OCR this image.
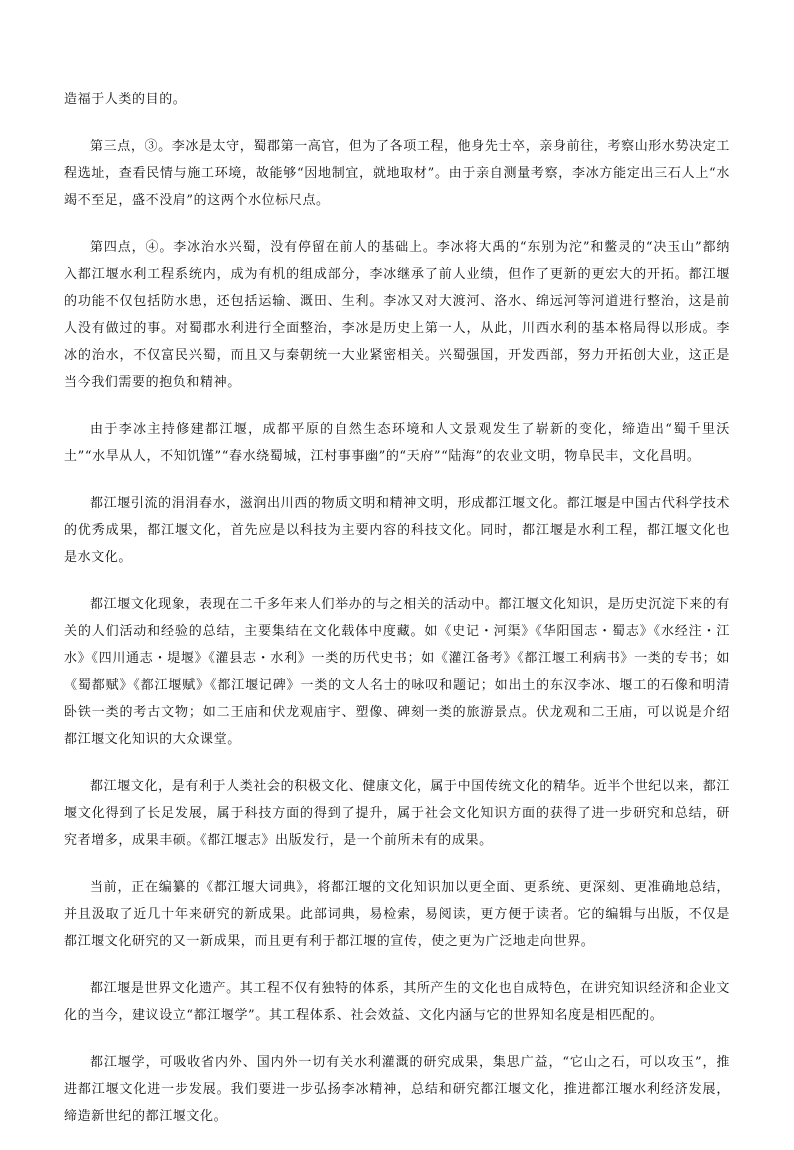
造福于人类的目的。

第三点，③。李冰是太守，蜀郡第一高官，但为了各项工程，他身先士卒，亲身前往，考察山形水势决定工程选址，查看民情与施工环境，故能够“因地制宜，就地取材”。由于亲自测量考察，李冰方能定出三石人上“水竭不至足，盛不没肩”的这两个水位标尺点。

第四点，④。李冰治水兴蜀，没有停留在前人的基础上。李冰将大禹的“东别为沱”和鳖灵的“决玉山”都纳入都江堰水利工程系统内，成为有机的组成部分，李冰继承了前人业绩，但作了更新的更宏大的开拓。都江堰的功能不仅包括防水患，还包括运输、溉田、生利。李冰又对大渡河、洛水、绵远河等河道进行整治，这是前人没有做过的事。对蜀郡水利进行全面整治，李冰是历史上第一人，从此，川西水利的基本格局得以形成。李冰的治水，不仅富民兴蜀，而且又与秦朝统一大业紧密相关。兴蜀强国，开发西部，努力开拓创大业，这正是当今我们需要的抱负和精神。

由于李冰主持修建都江堰，成都平原的自然生态环境和人文景观发生了崭新的变化，缔造出“蜀千里沃土”“水旱从人，不知饥馑”“春水绕蜀城，江村事事幽”的“天府”“陆海”的农业文明，物阜民丰，文化昌明。

都江堰引流的涓涓春水，滋润出川西的物质文明和精神文明，形成都江堰文化。都江堰是中国古代科学技术的优秀成果，都江堰文化，首先应是以科技为主要内容的科技文化。同时，都江堰是水利工程，都江堰文化也是水文化。

都江堰文化现象，表现在二千多年来人们举办的与之相关的活动中。都江堰文化知识，是历史沉淀下来的有关的人们活动和经验的总结，主要集结在文化载体中度藏。如《史记・河渠》《华阳国志・蜀志》《水经注・江水》《四川通志・堤堰》《灌县志・水利》一类的历代史书；如《灌江备考》《都江堰工利病书》一类的专书；如《蜀都赋》《都江堰赋》《都江堰记碑》一类的文人名士的咏叹和题记；如出土的东汉李冰、堰工的石像和明清卧铁一类的考古文物；如二王庙和伏龙观庙宇、塑像、碑刻一类的旅游景点。伏龙观和二王庙，可以说是介绍都江堰文化知识的大众课堂。

都江堰文化，是有利于人类社会的积极文化、健康文化，属于中国传统文化的精华。近半个世纪以来，都江堰文化得到了长足发展，属于科技方面的得到了提升，属于社会文化知识方面的获得了进一步研究和总结，研究者增多，成果丰硕。《都江堰志》出版发行，是一个前所未有的成果。

当前，正在编纂的《都江堰大词典》，将都江堰的文化知识加以更全面、更系统、更深刻、更准确地总结，并且汲取了近几十年来研究的新成果。此部词典，易检索，易阅读，更方便于读者。它的编辑与出版，不仅是都江堰文化研究的又一新成果，而且更有利于都江堰的宣传，使之更为广泛地走向世界。

都江堰是世界文化遗产。其工程不仅有独特的体系，其所产生的文化也自成特色，在讲究知识经济和企业文化的当今，建议设立“都江堰学”。其工程体系、社会效益、文化内涵与它的世界知名度是相匹配的。

都江堰学，可吸收省内外、国内外一切有关水利灌溉的研究成果，集思广益，“它山之石，可以攻玉”，推进都江堰文化进一步发展。我们要进一步弘扬李冰精神，总结和研究都江堰文化，推进都江堰水利经济发展，缔造新世纪的都江堰文化。
